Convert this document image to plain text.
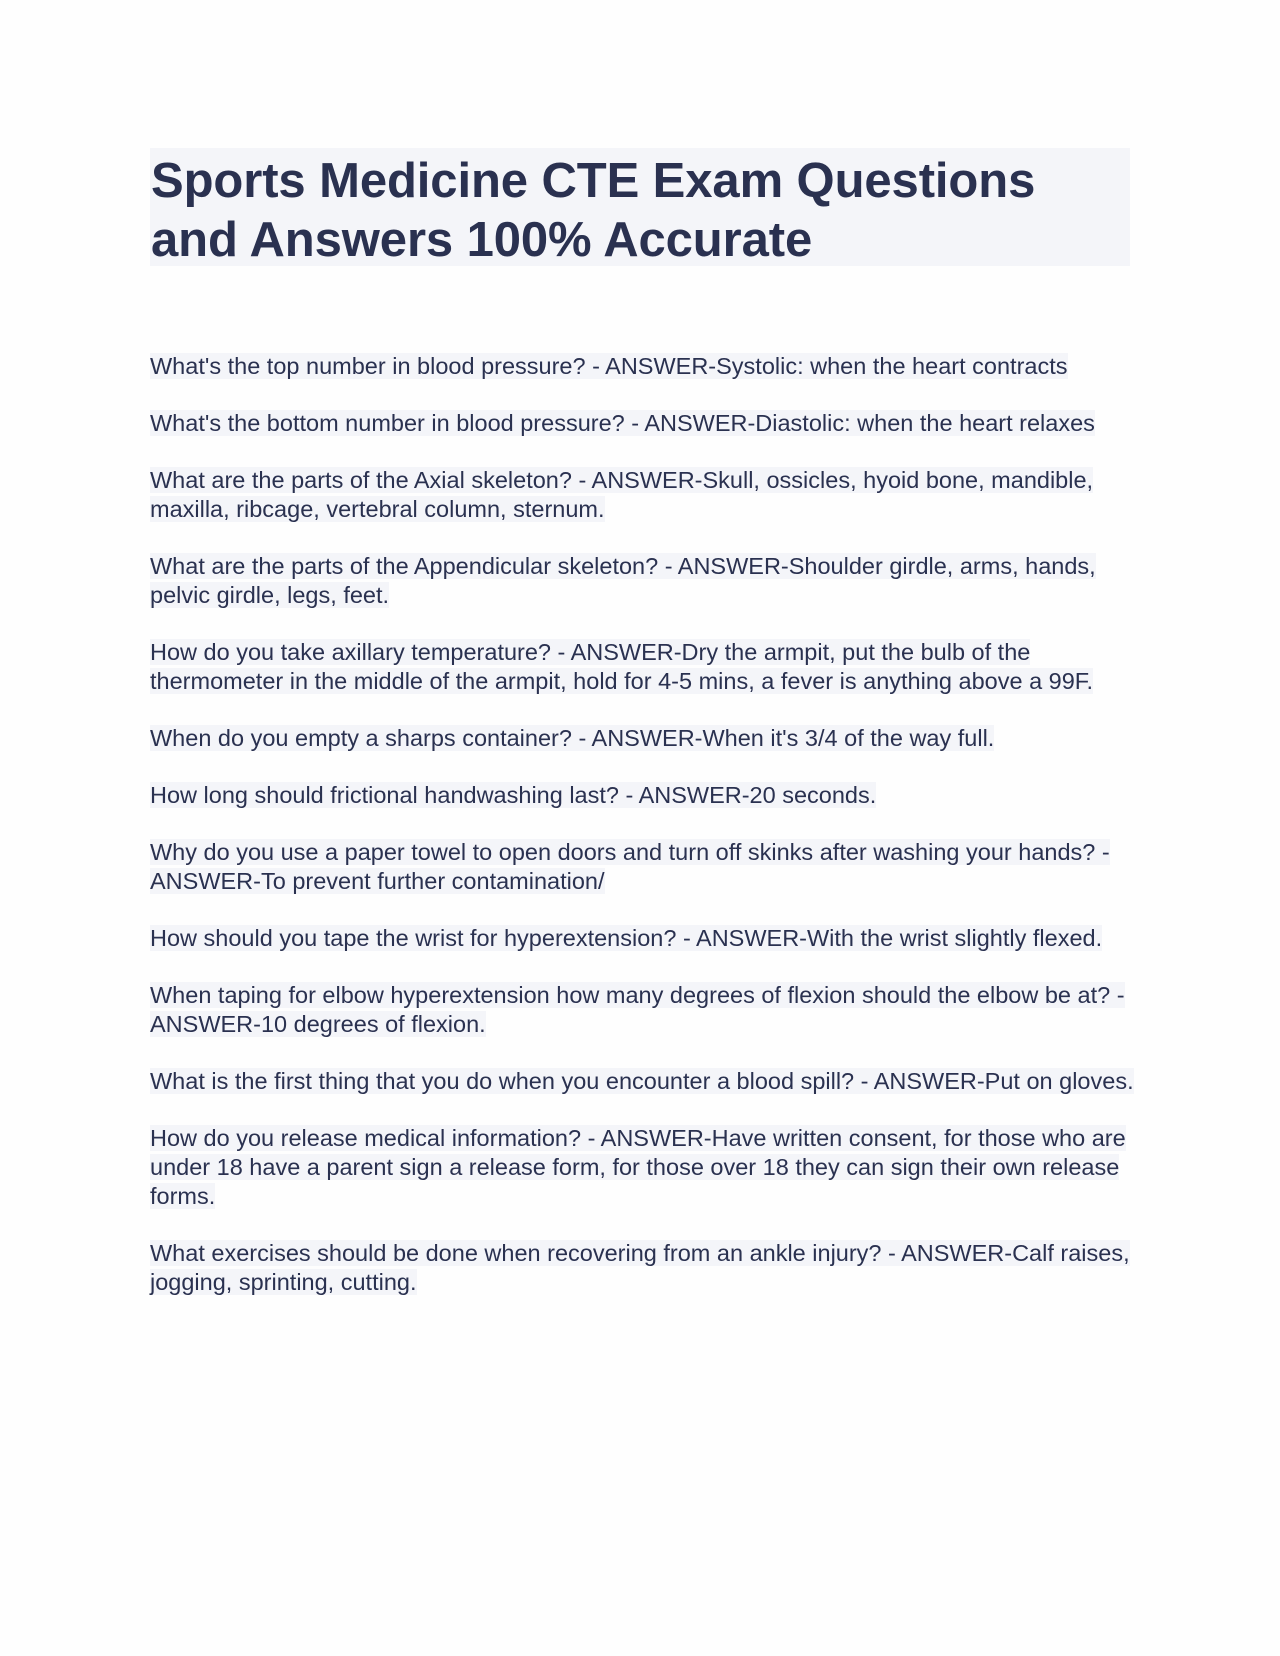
Sports Medicine CTE Exam Questions and Answers 100% Accurate

What's the top number in blood pressure? - ANSWER-Systolic: when the heart contracts

What's the bottom number in blood pressure? - ANSWER-Diastolic: when the heart relaxes

What are the parts of the Axial skeleton? - ANSWER-Skull, ossicles, hyoid bone, mandible, maxilla, ribcage, vertebral column, sternum.

What are the parts of the Appendicular skeleton? - ANSWER-Shoulder girdle, arms, hands, pelvic girdle, legs, feet.

How do you take axillary temperature? - ANSWER-Dry the armpit, put the bulb of the thermometer in the middle of the armpit, hold for 4-5 mins, a fever is anything above a 99F.

When do you empty a sharps container? - ANSWER-When it's 3/4 of the way full.

How long should frictional handwashing last? - ANSWER-20 seconds.

Why do you use a paper towel to open doors and turn off skinks after washing your hands? - ANSWER-To prevent further contamination/

How should you tape the wrist for hyperextension? - ANSWER-With the wrist slightly flexed.

When taping for elbow hyperextension how many degrees of flexion should the elbow be at? - ANSWER-10 degrees of flexion.

What is the first thing that you do when you encounter a blood spill? - ANSWER-Put on gloves.

How do you release medical information? - ANSWER-Have written consent, for those who are under 18 have a parent sign a release form, for those over 18 they can sign their own release forms.

What exercises should be done when recovering from an ankle injury? - ANSWER-Calf raises, jogging, sprinting, cutting.
